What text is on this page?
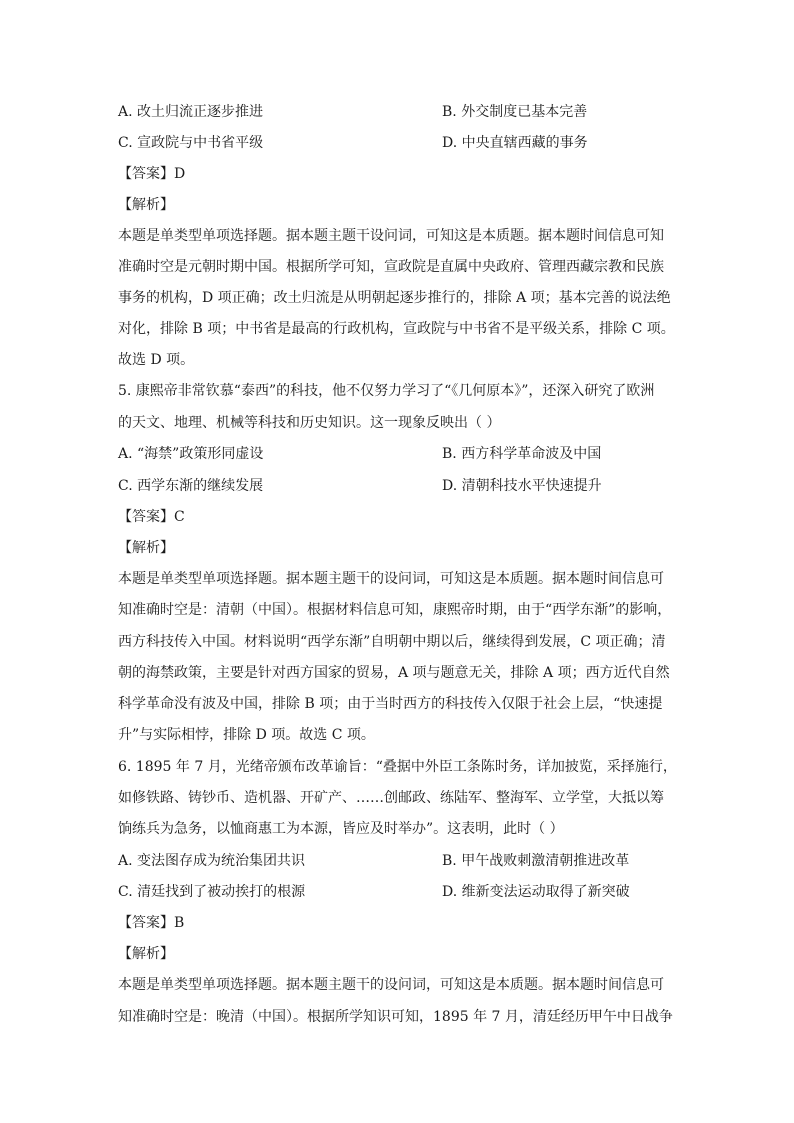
A. 改土归流正逐步推进	B. 外交制度已基本完善
C. 宣政院与中书省平级	D. 中央直辖西藏的事务
【答案】D
【解析】
本题是单类型单项选择题。据本题主题干设问词，可知这是本质题。据本题时间信息可知
准确时空是元朝时期中国。根据所学可知，宣政院是直属中央政府、管理西藏宗教和民族
事务的机构，D 项正确；改土归流是从明朝起逐步推行的，排除 A 项；基本完善的说法绝
对化，排除 B 项；中书省是最高的行政机构，宣政院与中书省不是平级关系，排除 C 项。
故选 D 项。
5. 康熙帝非常钦慕“泰西”的科技，他不仅努力学习了“《几何原本》”，还深入研究了欧洲
的天文、地理、机械等科技和历史知识。这一现象反映出（ ）
A. “海禁”政策形同虚设	B. 西方科学革命波及中国
C. 西学东渐的继续发展	D. 清朝科技水平快速提升
【答案】C
【解析】
本题是单类型单项选择题。据本题主题干的设问词，可知这是本质题。据本题时间信息可
知准确时空是：清朝（中国）。根据材料信息可知，康熙帝时期，由于“西学东渐”的影响，
西方科技传入中国。材料说明“西学东渐”自明朝中期以后，继续得到发展，C 项正确；清
朝的海禁政策，主要是针对西方国家的贸易，A 项与题意无关，排除 A 项；西方近代自然
科学革命没有波及中国，排除 B 项；由于当时西方的科技传入仅限于社会上层，“快速提
升”与实际相悖，排除 D 项。故选 C 项。
6. 1895 年 7 月，光绪帝颁布改革谕旨：“叠据中外臣工条陈时务，详加披览，采择施行，
如修铁路、铸钞币、造机器、开矿产、……创邮政、练陆军、整海军、立学堂，大抵以筹
饷练兵为急务，以恤商惠工为本源，皆应及时举办”。这表明，此时（ ）
A. 变法图存成为统治集团共识	B. 甲午战败刺激清朝推进改革
C. 清廷找到了被动挨打的根源	D. 维新变法运动取得了新突破
【答案】B
【解析】
本题是单类型单项选择题。据本题主题干的设问词，可知这是本质题。据本题时间信息可
知准确时空是：晚清（中国）。根据所学知识可知，1895 年 7 月，清廷经历甲午中日战争
